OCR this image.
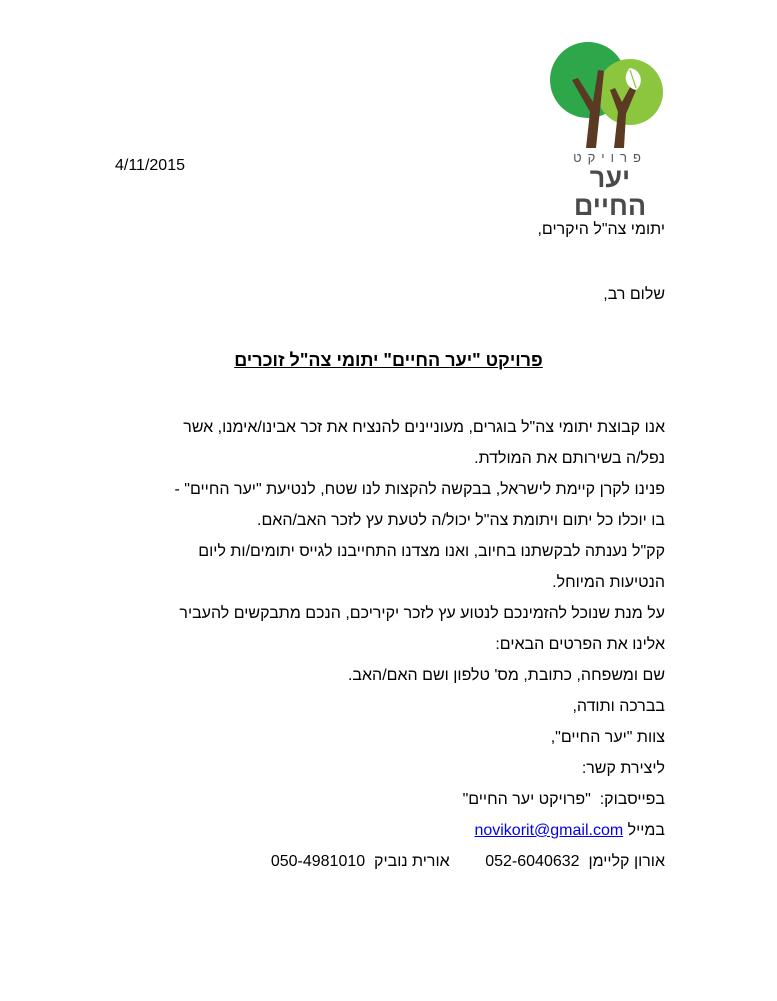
פרויקט
יער החיים
4/11/2015
יתומי צה"ל היקרים,
שלום רב,
פרויקט "יער החיים" יתומי צה"ל זוכרים
אנו קבוצת יתומי צה"ל בוגרים, מעוניינים להנציח את זכר אבינו/אימנו, אשר
נפל/ה בשירותם את המולדת.
פנינו לקרן קיימת לישראל, בבקשה להקצות לנו שטח, לנטיעת "יער החיים" -
בו יוכלו כל יתום ויתומת צה"ל יכול/ה לטעת עץ לזכר האב/האם.
קק"ל נענתה לבקשתנו בחיוב, ואנו מצדנו התחייבנו לגייס יתומים/ות ליום
הנטיעות המיוחל.
על מנת שנוכל להזמינכם לנטוע עץ לזכר יקיריכם, הנכם מתבקשים להעביר
אלינו את הפרטים הבאים:
שם ומשפחה, כתובת, מס' טלפון ושם האם/האב.
בברכה ותודה,
צוות "יער החיים",
ליצירת קשר:
בפייסבוק:  "פרויקט יער החיים"
במייל novikorit@gmail.com
אורון קליימן  052-6040632        אורית נוביק  050-4981010
